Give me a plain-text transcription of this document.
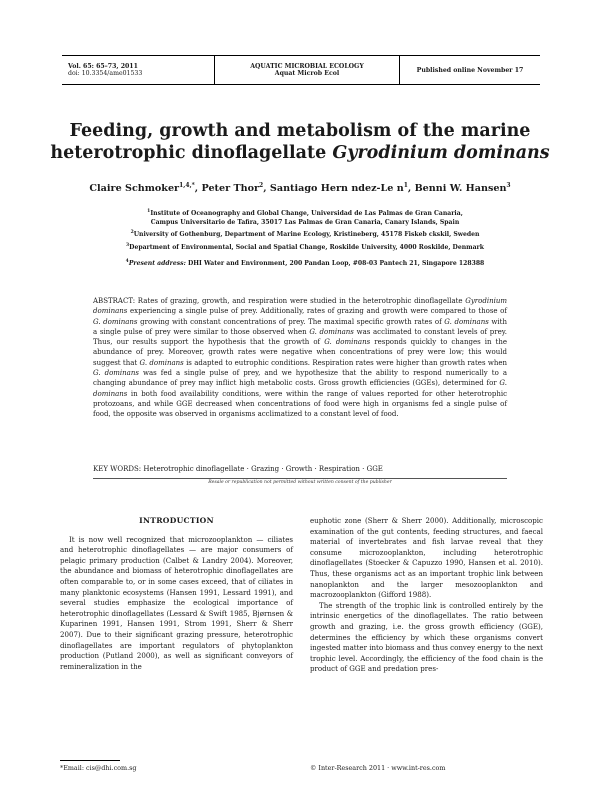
Vol. 65: 65–73, 2011
doi: 10.3354/ame01533
AQUATIC MICROBIAL ECOLOGY
Aquat Microb Ecol	Published online November 17
Feeding, growth and metabolism of the marine
heterotrophic dinoflagellate Gyrodinium dominans
Claire Schmoker$^{1,4,*}$, Peter Thor$^2$, Santiago Hern ndez-Le $n^1$, Benni W. Hansen$^3$

$^1$Institute of Oceanography and Global Change, Universidad de Las Palmas de Gran Canaria,
Campus Universitario de Tafira, 35017 Las Palmas de Gran Canaria, Canary Islands, Spain

$^2$University of Gothenburg, Department of Marine Ecology, Kristineberg, 45178 Fiskeb ckskil, Sweden

$^3$Department of Environmental, Social and Spatial Change, Roskilde University, 4000 Roskilde, Denmark

$^4$Present address: DHI Water and Environment, 200 Pandan Loop, #08-03 Pantech 21, Singapore 128388

ABSTRACT: Rates of grazing, growth, and respiration were studied in the heterotrophic dinoflagellate Gyrodinium dominans experiencing a single pulse of prey. Additionally, rates of grazing and growth were compared to those of G. dominans growing with constant concentrations of prey. The maximal specific growth rates of G. dominans with a single pulse of prey were similar to those observed when G. dominans was acclimated to constant levels of prey. Thus, our results support the hypothesis that the growth of G. dominans responds quickly to changes in the abundance of prey. Moreover, growth rates were negative when concentrations of prey were low; this would suggest that G. dominans is adapted to eutrophic conditions. Respiration rates were higher than growth rates when G. dominans was fed a single pulse of prey, and we hypothesize that the ability to respond numerically to a changing abundance of prey may inflict high metabolic costs. Gross growth efficiencies (GGEs), determined for G. dominans in both food availability conditions, were within the range of values reported for other heterotrophic protozoans, and while GGE decreased when concentrations of food were high in organisms fed a single pulse of food, the opposite was observed in organisms acclimatized to a constant level of food.

KEY WORDS: Heterotrophic dinoflagellate · Grazing · Growth · Respiration · GGE

Resale or republication not permitted without written consent of the publisher

INTRODUCTION

It is now well recognized that microzooplankton — ciliates and heterotrophic dinoflagellates — are major consumers of pelagic primary production (Calbet & Landry 2004). Moreover, the abundance and biomass of heterotrophic dinoflagellates are often comparable to, or in some cases exceed, that of ciliates in many planktonic ecosystems (Hansen 1991, Lessard 1991), and several studies emphasize the ecological importance of heterotrophic dinoflagellates (Lessard & Swift 1985, Bjørnsen & Kuparinen 1991, Hansen 1991, Strom 1991, Sherr & Sherr 2007). Due to their significant grazing pressure, heterotrophic dinoflagellates are important regulators of phytoplankton production (Putland 2000), as well as significant conveyors of remineralization in the

euphotic zone (Sherr & Sherr 2000). Additionally, microscopic examination of the gut contents, feeding structures, and faecal material of invertebrates and fish larvae reveal that they consume microzooplankton, including heterotrophic dinoflagellates (Stoecker & Capuzzo 1990, Hansen et al. 2010). Thus, these organisms act as an important trophic link between nanoplankton and the larger mesozooplankton and macrozooplankton (Gifford 1988).

The strength of the trophic link is controlled entirely by the intrinsic energetics of the dinoflagellates. The ratio between growth and grazing, i.e. the gross growth efficiency (GGE), determines the efficiency by which these organisms convert ingested matter into biomass and thus convey energy to the next trophic level. Accordingly, the efficiency of the food chain is the product of GGE and predation pres-

*Email: cis@dhi.com.sg	© Inter-Research 2011 · www.int-res.com
